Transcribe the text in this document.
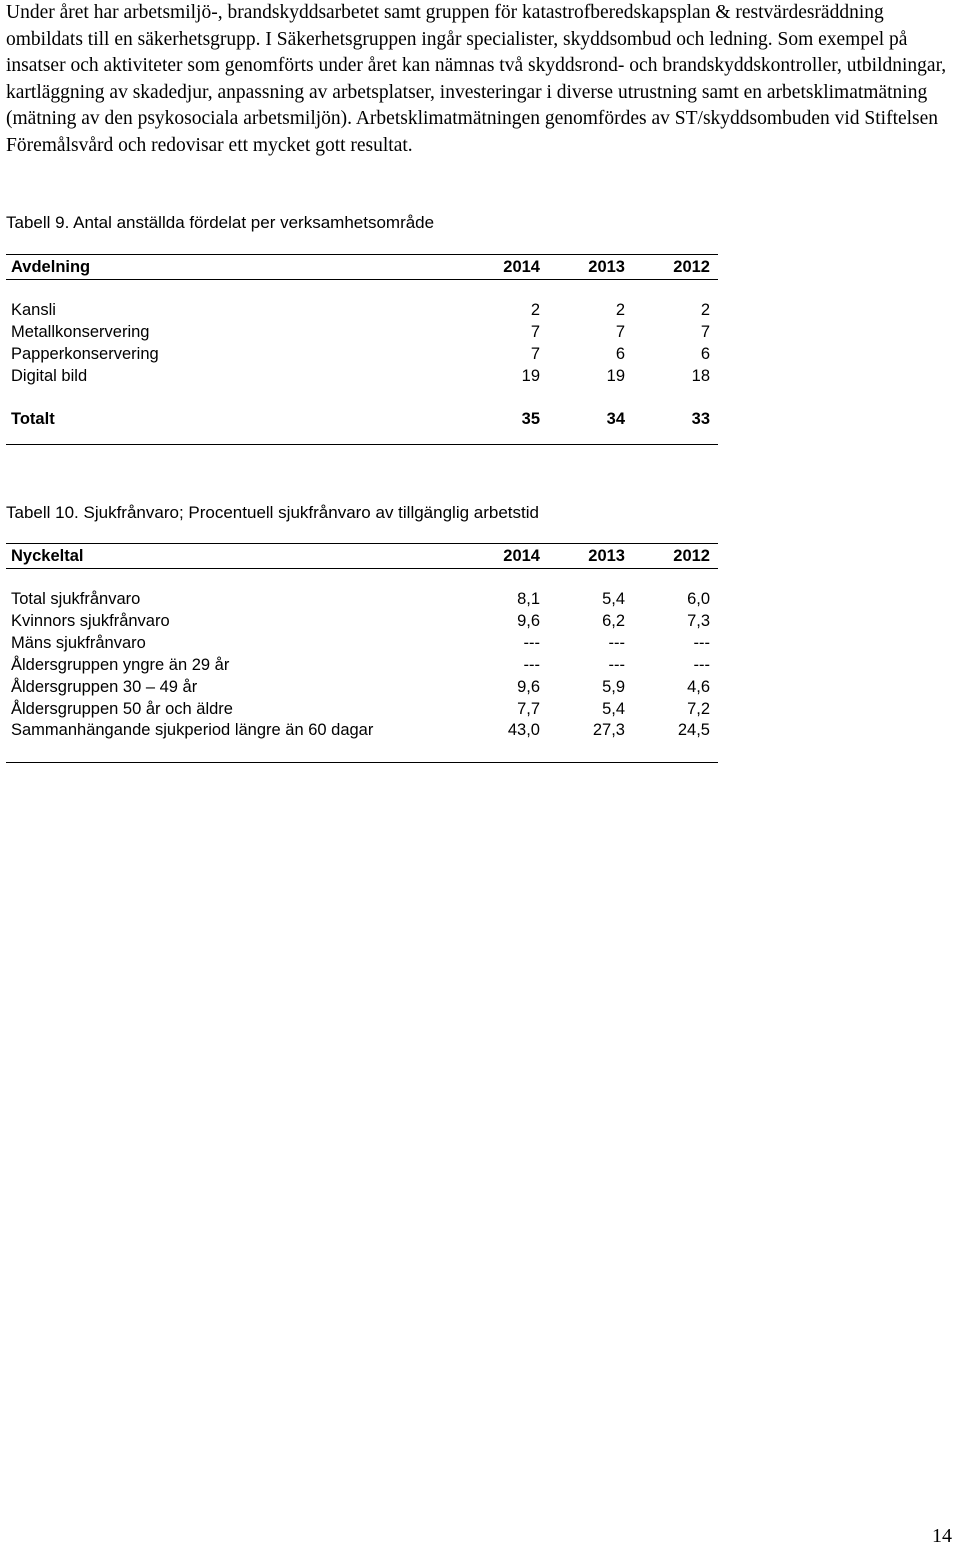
Under året har arbetsmiljö-, brandskyddsarbetet samt gruppen för katastrofberedskapsplan & restvärdesräddning ombildats till en säkerhetsgrupp. I Säkerhetsgruppen ingår specialister, skyddsombud och ledning. Som exempel på insatser och aktiviteter som genomförts under året kan nämnas två skyddsrond- och brandskyddskontroller, utbildningar, kartläggning av skadedjur, anpassning av arbetsplatser, investeringar i diverse utrustning samt en arbetsklimatmätning (mätning av den psykosociala arbetsmiljön). Arbetsklimatmätningen genomfördes av ST/skyddsombuden vid Stiftelsen Föremålsvård och redovisar ett mycket gott resultat.

Tabell 9. Antal anställda fördelat per verksamhetsområde

Avdelning	2014	2013	2012

Kansli	2	2	2
Metallkonservering	7	7	7
Papperkonservering	7	6	6
Digital bild	19	19	18

Totalt	35	34	33

Tabell 10. Sjukfrånvaro; Procentuell sjukfrånvaro av tillgänglig arbetstid

Nyckeltal	2014	2013	2012

Total sjukfrånvaro	8,1	5,4	6,0
Kvinnors sjukfrånvaro	9,6	6,2	7,3
Mäns sjukfrånvaro	---	---	---
Åldersgruppen yngre än 29 år	---	---	---
Åldersgruppen 30 – 49 år	9,6	5,9	4,6
Åldersgruppen 50 år och äldre	7,7	5,4	7,2
Sammanhängande sjukperiod längre än 60 dagar	43,0	27,3	24,5

14
